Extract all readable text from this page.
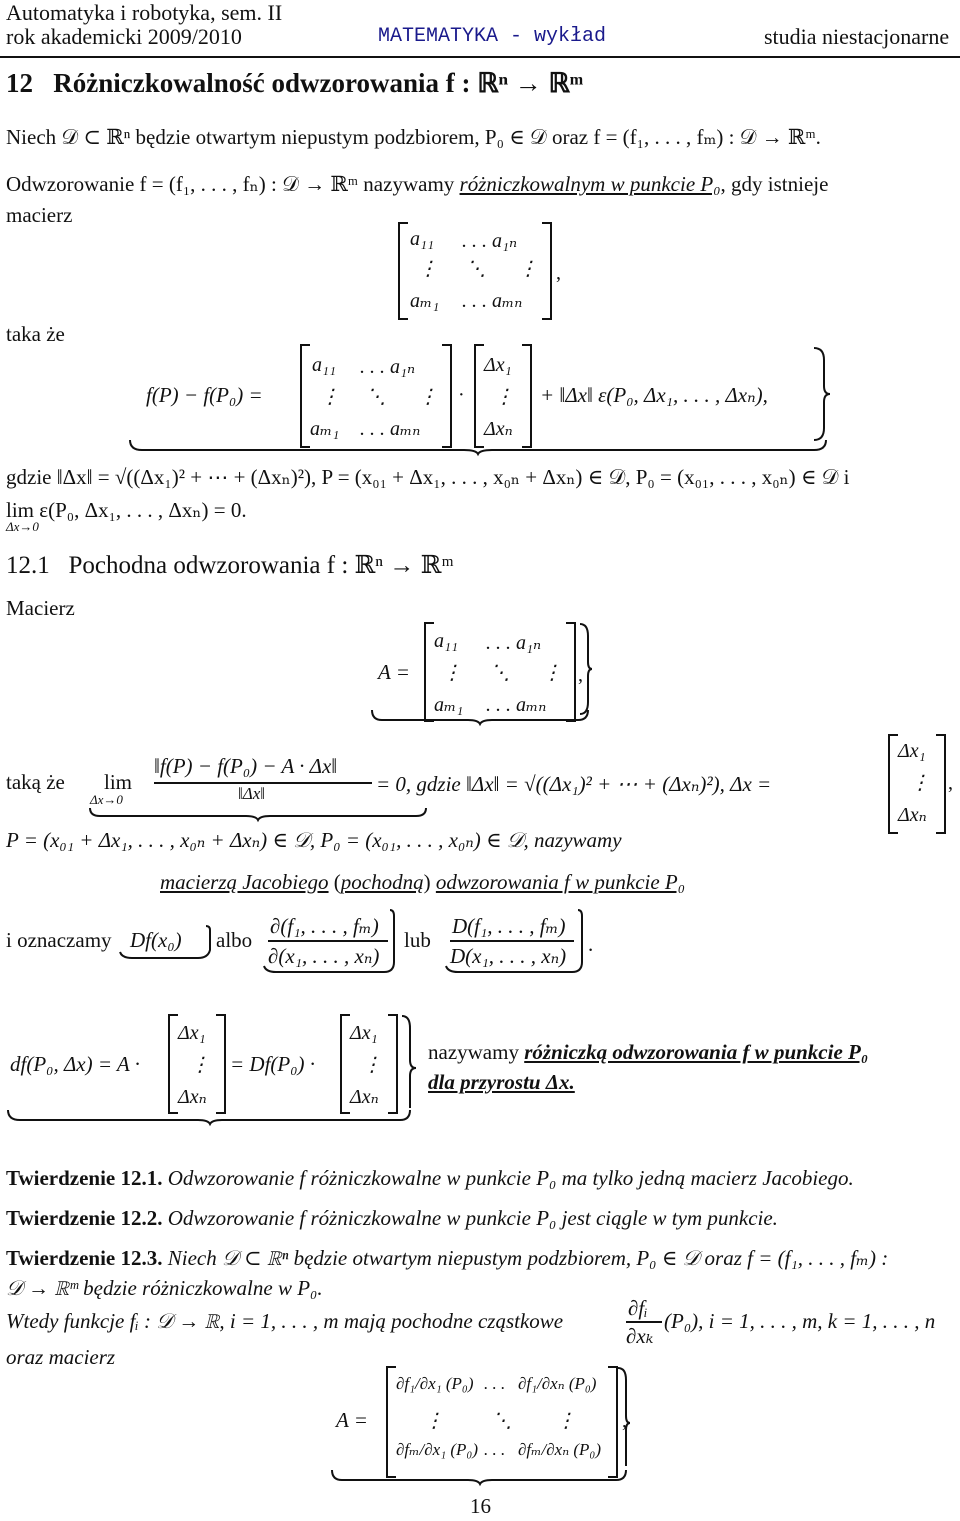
Automatyka i robotyka, sem. II
rok akademicki 2009/2010	MATEMATYKA - wykład	studia niestacjonarne
12 Różniczkowalność odwzorowania f : ℝⁿ → ℝᵐ
Niech 𝒟 ⊂ ℝⁿ będzie otwartym niepustym podzbiorem, P₀ ∈ 𝒟 oraz f = (f₁, . . . , fₘ) : 𝒟 → ℝᵐ.
Odwzorowanie f = (f₁, . . . , fₙ) : 𝒟 → ℝᵐ nazywamy różniczkowalnym w punkcie P₀, gdy istnieje
macierz
a₁₁ . . . a₁ₙ
⋮ ⋱ ⋮
aₘ₁ . . . aₘₙ
,
taka że
f(P) − f(P₀) =
a₁₁ . . . a₁ₙ
⋮ ⋱ ⋮
aₘ₁ . . . aₘₙ
·
Δx₁
⋮
Δxₙ
+ ‖Δx‖ ε(P₀, Δx₁, . . . , Δxₙ),
gdzie ‖Δx‖ = √((Δx₁)² + ⋯ + (Δxₙ)²), P = (x₀₁ + Δx₁, . . . , x₀ₙ + Δxₙ) ∈ 𝒟, P₀ = (x₀₁, . . . , x₀ₙ) ∈ 𝒟 i
lim ε(P₀, Δx₁, . . . , Δxₙ) = 0.
Δx→0
12.1 Pochodna odwzorowania f : ℝⁿ → ℝᵐ
Macierz
A =
a₁₁ . . . a₁ₙ
⋮ ⋱ ⋮
aₘ₁ . . . aₘₙ
,
taką że lim
Δx→0
‖f(P) − f(P₀) − A · Δx‖
‖Δx‖	= 0, gdzie ‖Δx‖ = √((Δx₁)² + ⋯ + (Δxₙ)²), Δx =
Δx₁
⋮
Δxₙ
,
P = (x₀₁ + Δx₁, . . . , x₀ₙ + Δxₙ) ∈ 𝒟, P₀ = (x₀₁, . . . , x₀ₙ) ∈ 𝒟, nazywamy
macierzą Jacobiego (pochodną) odwzorowania f w punkcie P₀
i oznaczamy Df(x₀) albo
∂(f₁, . . . , fₘ)
∂(x₁, . . . , xₙ)
lub
D(f₁, . . . , fₘ)
D(x₁, . . . , xₙ) .
df(P₀, Δx) = A ·
Δx₁
⋮
Δxₙ
= Df(P₀) ·
Δx₁
⋮
Δxₙ
nazywamy różniczką odwzorowania f w punkcie P₀
dla przyrostu Δx.
Twierdzenie 12.1. Odwzorowanie f różniczkowalne w punkcie P₀ ma tylko jedną macierz Jacobiego.
Twierdzenie 12.2. Odwzorowanie f różniczkowalne w punkcie P₀ jest ciągle w tym punkcie.
Twierdzenie 12.3. Niech 𝒟 ⊂ ℝⁿ będzie otwartym niepustym podzbiorem, P₀ ∈ 𝒟 oraz f = (f₁, . . . , fₘ) :
𝒟 → ℝᵐ będzie różniczkowalne w P₀.
Wtedy funkcje fᵢ : 𝒟 → ℝ, i = 1, . . . , m mają pochodne cząstkowe
∂fᵢ
∂xₖ
(P₀), i = 1, . . . , m, k = 1, . . . , n
oraz macierz
A =
∂f₁/∂x₁ (P₀) . . . ∂f₁/∂xₙ (P₀)
⋮ ⋱ ⋮
∂fₘ/∂x₁ (P₀) . . . ∂fₘ/∂xₙ (P₀)
,
16
